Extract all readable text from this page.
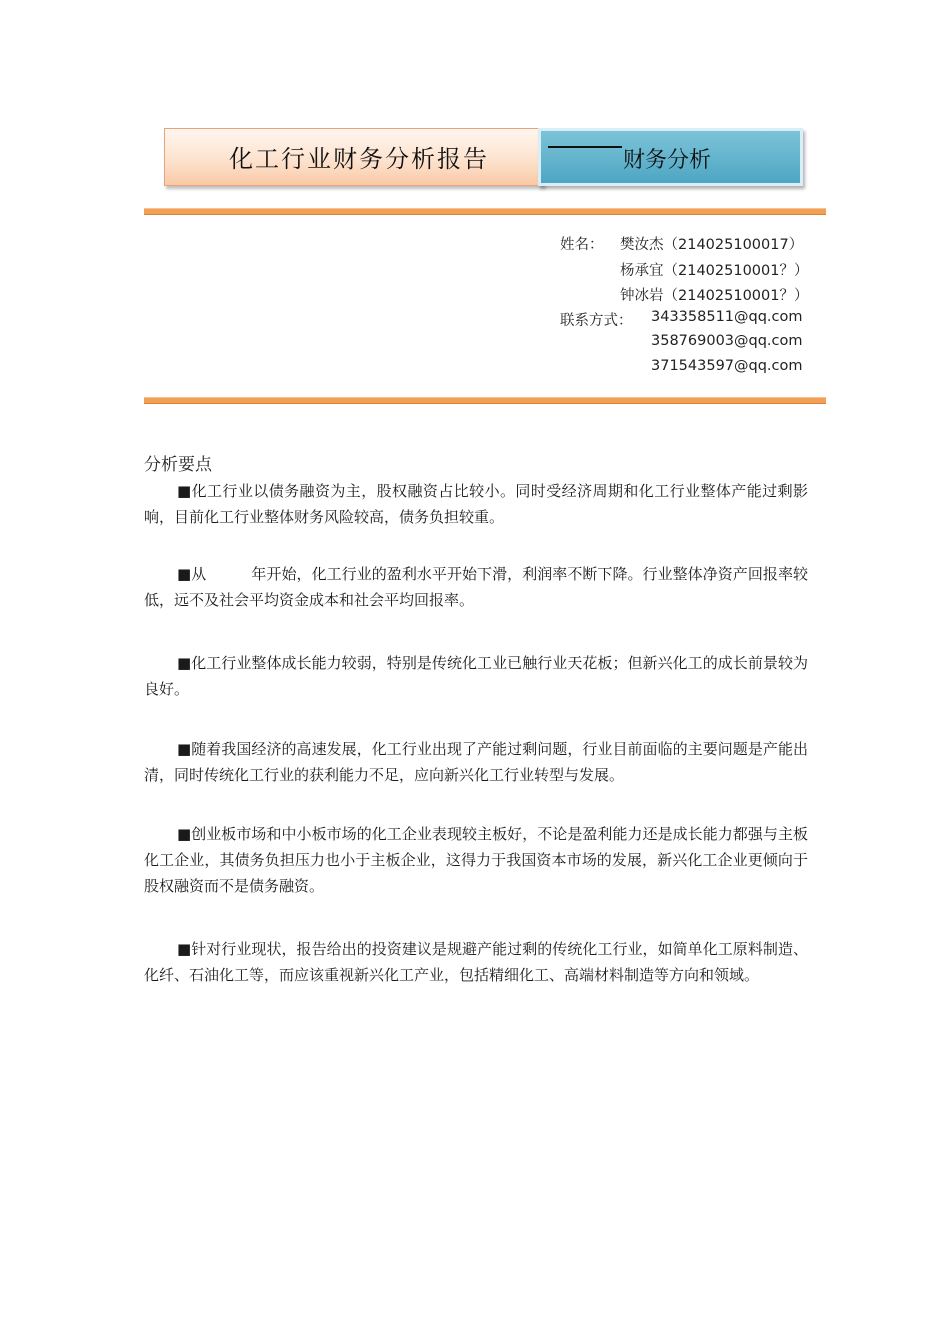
化工行业财务分析报告	财务分析
姓名： 樊汝杰（214025100017）
杨承宜（21402510001？）
钟冰岩（21402510001？）
联系方式： 343358511@qq.com
358769003@qq.com
371543597@qq.com
分析要点

■化工行业以债务融资为主，股权融资占比较小。同时受经济周期和化工行业整体产能过剩影响，目前化工行业整体财务风险较高，债务负担较重。

■从　　　年开始，化工行业的盈利水平开始下滑，利润率不断下降。行业整体净资产回报率较低，远不及社会平均资金成本和社会平均回报率。

■化工行业整体成长能力较弱，特别是传统化工业已触行业天花板；但新兴化工的成长前景较为良好。

■随着我国经济的高速发展，化工行业出现了产能过剩问题，行业目前面临的主要问题是产能出清，同时传统化工行业的获利能力不足，应向新兴化工行业转型与发展。

■创业板市场和中小板市场的化工企业表现较主板好，不论是盈利能力还是成长能力都强与主板化工企业，其债务负担压力也小于主板企业，这得力于我国资本市场的发展，新兴化工企业更倾向于股权融资而不是债务融资。

■针对行业现状，报告给出的投资建议是规避产能过剩的传统化工行业，如简单化工原料制造、化纤、石油化工等，而应该重视新兴化工产业，包括精细化工、高端材料制造等方向和领域。
